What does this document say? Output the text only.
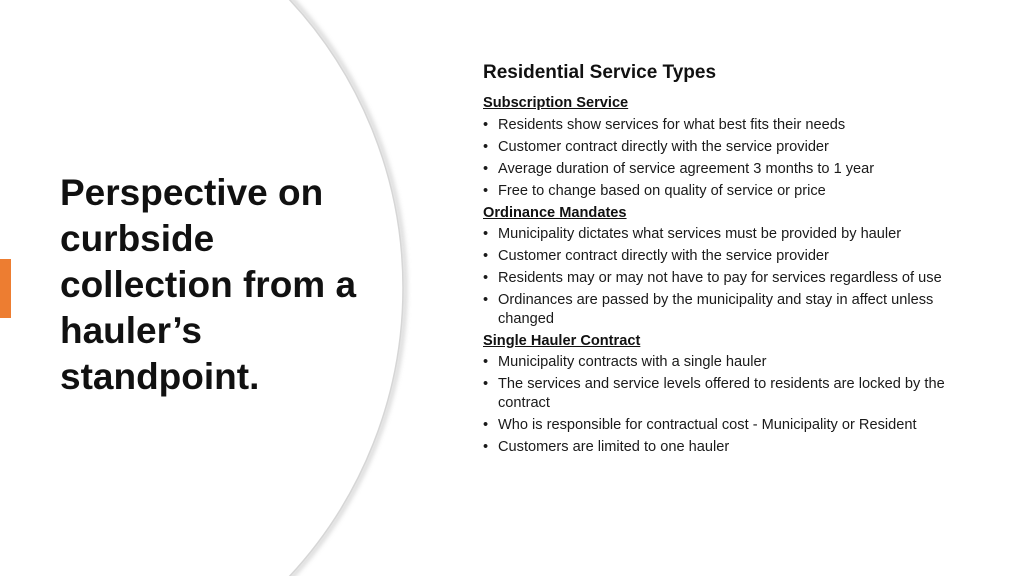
Perspective on curbside collection from a hauler’s standpoint.
Residential Service Types
Subscription Service
• Residents show services for what best fits their needs
• Customer contract directly with the service provider
• Average duration of service agreement 3 months to 1 year
• Free to change based on quality of service or price
Ordinance Mandates
• Municipality dictates what services must be provided by hauler
• Customer contract directly with the service provider
• Residents may or may not have to pay for services regardless of use
• Ordinances are passed by the municipality and stay in affect unless changed
Single Hauler Contract
• Municipality contracts with a single hauler
• The services and service levels offered to residents are locked by the contract
• Who is responsible for contractual cost - Municipality or Resident
• Customers are limited to one hauler
